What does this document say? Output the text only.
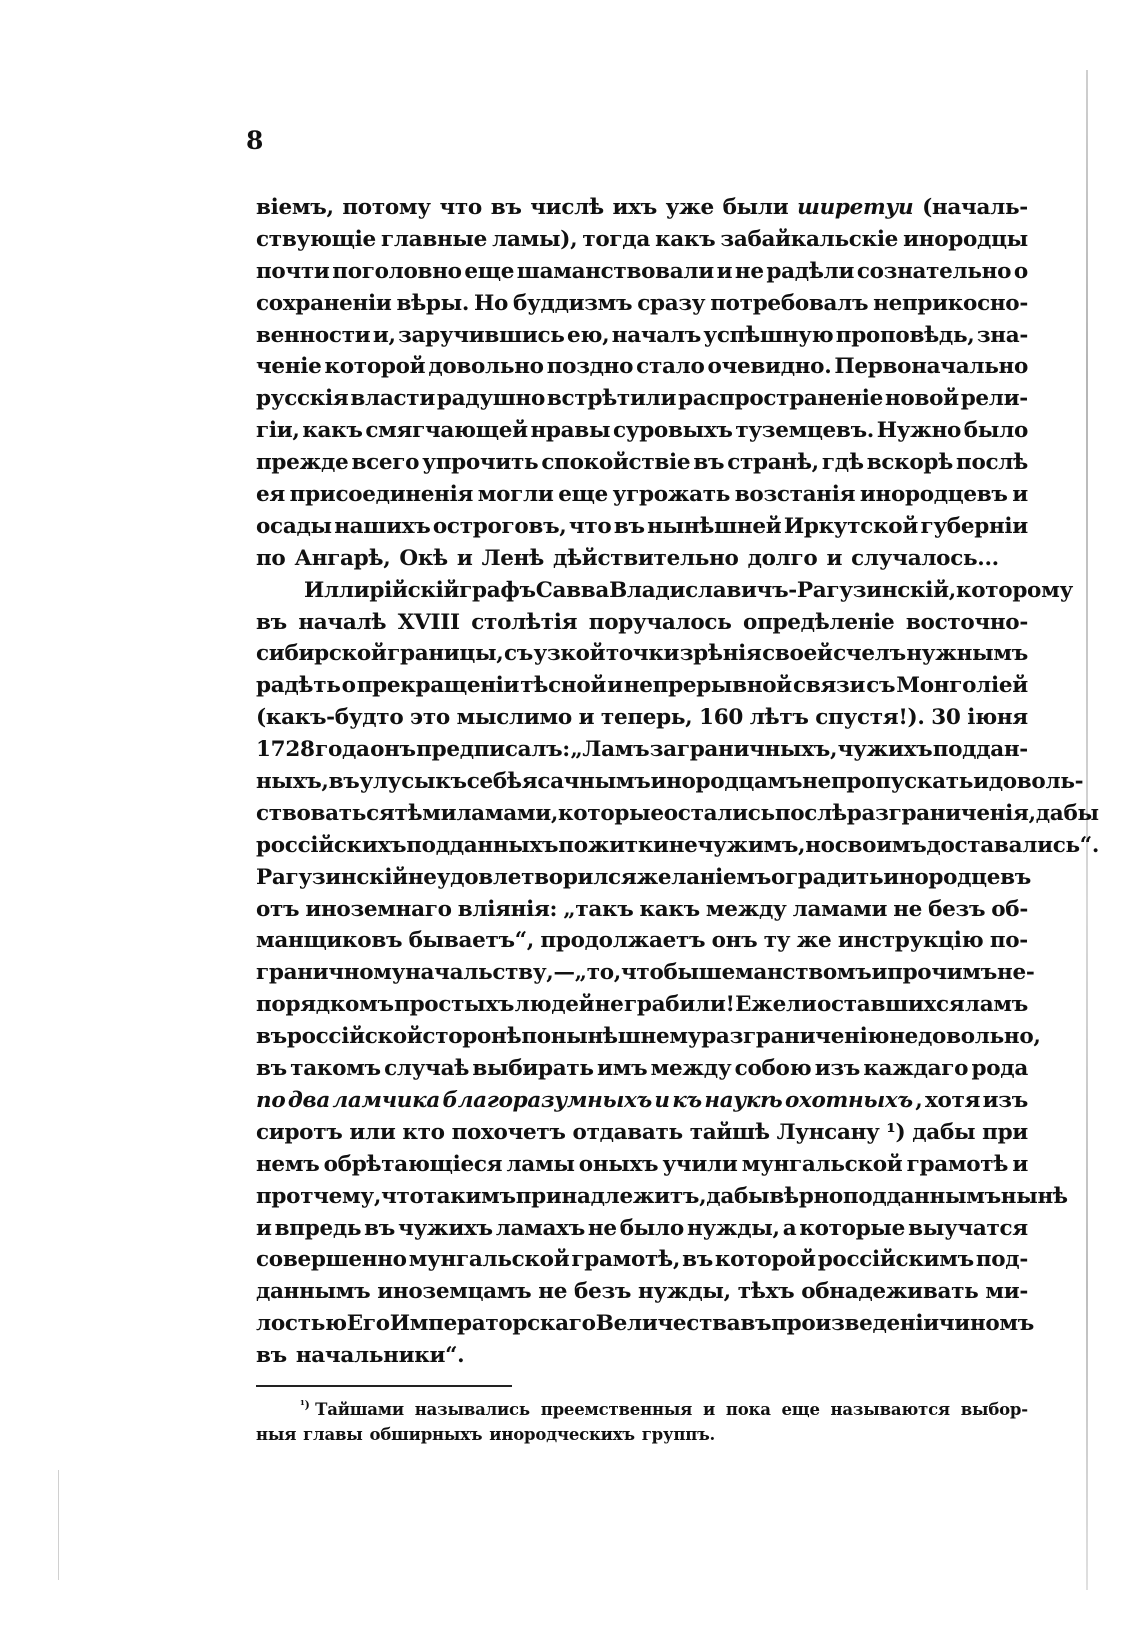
8
віемъ, потому что въ числѣ ихъ уже были ширетуи (началь-
ствующіе главные ламы), тогда какъ забайкальскіе инородцы
почти поголовно еще шаманствовали и не радѣли сознательно о
сохраненіи вѣры. Но буддизмъ сразу потребовалъ неприкосно-
венности и, заручившись ею, началъ успѣшную проповѣдь, зна-
ченіе которой довольно поздно стало очевидно. Первоначально
русскія власти радушно встрѣтили распространеніе новой рели-
гіи, какъ смягчающей нравы суровыхъ туземцевъ. Нужно было
прежде всего упрочить спокойствіе въ странѣ, гдѣ вскорѣ послѣ
ея присоединенія могли еще угрожать возстанія инородцевъ и
осады нашихъ остроговъ, что въ нынѣшней Иркутской губерніи
по Ангарѣ, Окѣ и Ленѣ дѣйствительно долго и случалось...
Иллирійскій графъ Савва Владиславичъ-Рагузинскій, которому
въ началѣ XVIII столѣтія поручалось опредѣленіе восточно-
сибирской границы, съ узкой точки зрѣнія своей счелъ нужнымъ
радѣть о прекращеніи тѣсной и непрерывной связи съ Монголіей
(какъ-будто это мыслимо и теперь, 160 лѣтъ спустя!). 30 іюня
1728 года онъ предписалъ: „Ламъ заграничныхъ, чужихъ поддан-
ныхъ, въ улусы къ себѣ ясачнымъ инородцамъ не пропускать и доволь-
ствоваться тѣми ламами, которые остались послѣ разграниченія, дабы
россійскихъ подданныхъ пожитки не чужимъ, но своимъ доставались“.
Рагузинскій не удовлетворился желаніемъ оградить инородцевъ
отъ иноземнаго вліянія: „такъ какъ между ламами не безъ об-
манщиковъ бываетъ“, продолжаетъ онъ ту же инструкцію по-
граничному начальству,—„то, чтобы шеманствомъ и прочимъ не-
порядкомъ простыхъ людей не грабили! Ежели оставшихся ламъ
въ россійской сторонѣ по нынѣшнему разграниченію не довольно,
въ такомъ случаѣ выбирать имъ между собою изъ каждаго рода
по два ламчика благоразумныхъ и къ наукѣ охотныхъ , хотя изъ
сиротъ или кто похочетъ отдавать тайшѣ Лунсану ¹) дабы при
немъ обрѣтающіеся ламы оныхъ учили мунгальской грамотѣ и
протчему, что такимъ принадлежитъ, дабы вѣрноподданнымъ нынѣ
и впредь въ чужихъ ламахъ не было нужды, а которые выучатся
совершенно мунгальской грамотѣ, въ которой россійскимъ под-
даннымъ иноземцамъ не безъ нужды, тѣхъ обнадеживать ми-
лостью Его Императорскаго Величества въ произведеніи чиномъ
въ начальники“.
$^{^1)}$ Тайшами назывались преемственныя и пока еще называются выбор-
ныя главы обширныхъ инородческихъ группъ.
